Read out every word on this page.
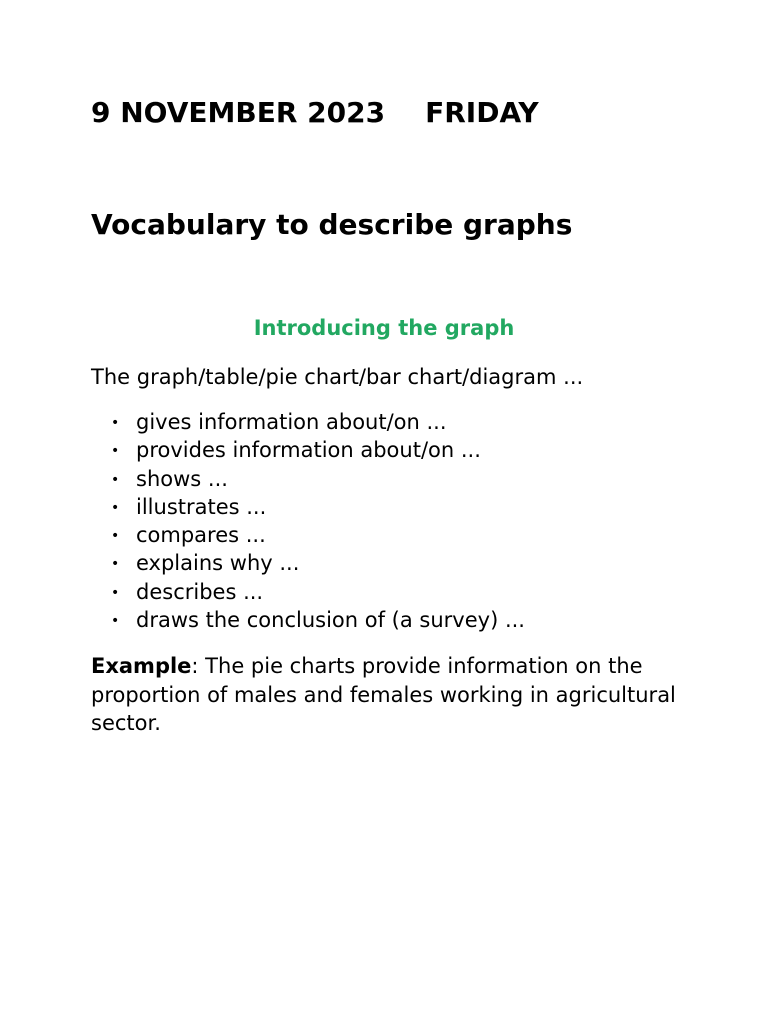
9 NOVEMBER 2023 FRIDAY
Vocabulary to describe graphs
Introducing the graph
The graph/table/pie chart/bar chart/diagram ...
• gives information about/on ...
• provides information about/on ...
• shows ...
• illustrates ...
• compares ...
• explains why ...
• describes ...
• draws the conclusion of (a survey) ...
Example: The pie charts provide information on the proportion of males and females working in agricultural sector.
